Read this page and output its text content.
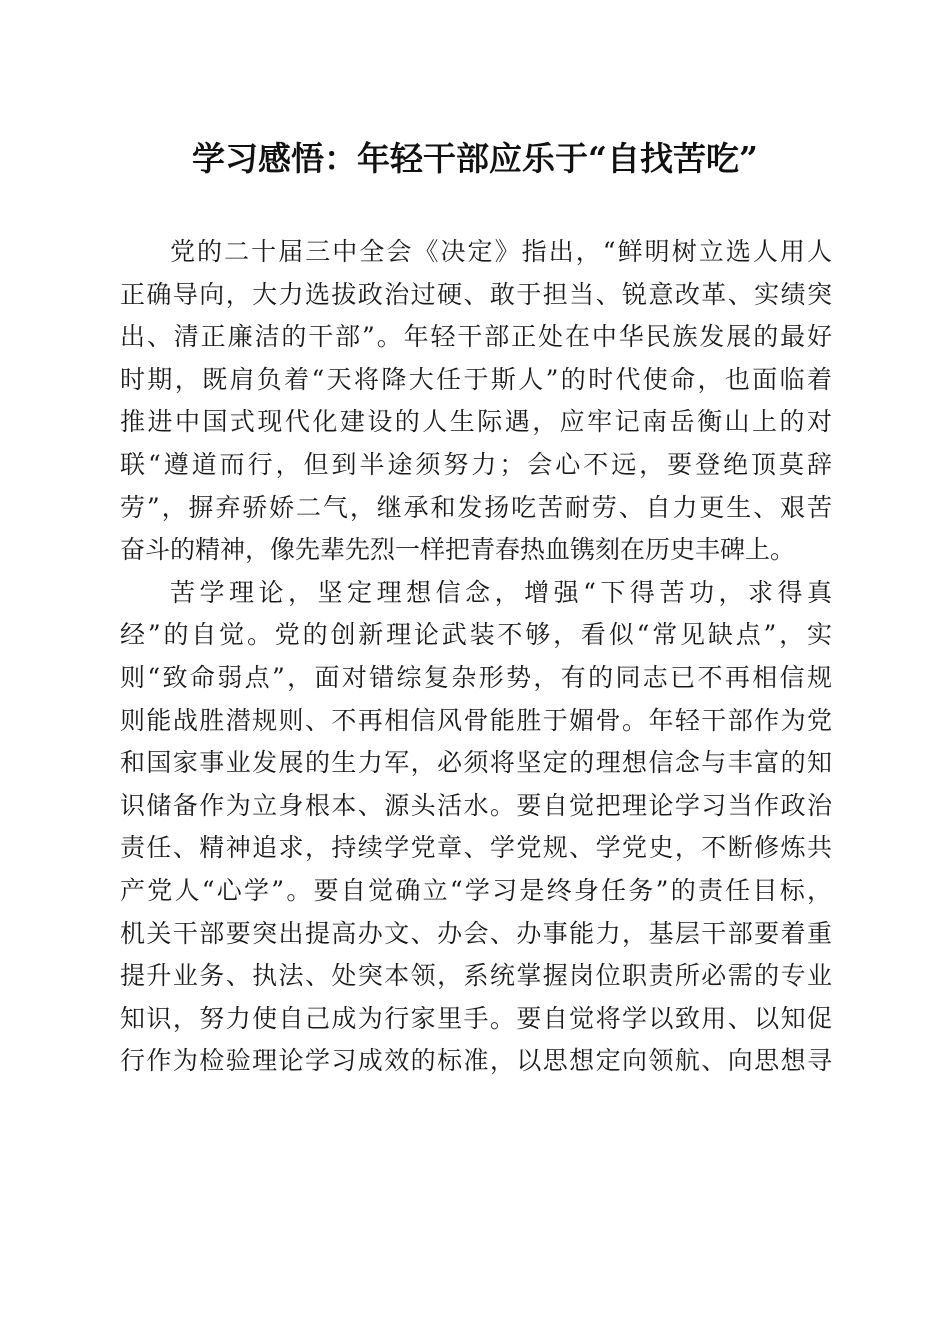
学习感悟：年轻干部应乐于“自找苦吃”
党的二十届三中全会《决定》指出，“鲜明树立选人用人
正确导向，大力选拔政治过硬、敢于担当、锐意改革、实绩突
出、清正廉洁的干部”。年轻干部正处在中华民族发展的最好
时期，既肩负着“天将降大任于斯人”的时代使命，也面临着
推进中国式现代化建设的人生际遇，应牢记南岳衡山上的对
联“遵道而行，但到半途须努力；会心不远，要登绝顶莫辞
劳”，摒弃骄娇二气，继承和发扬吃苦耐劳、自力更生、艰苦
奋斗的精神，像先辈先烈一样把青春热血镌刻在历史丰碑上。
苦学理论，坚定理想信念，增强“下得苦功，求得真
经”的自觉。党的创新理论武装不够，看似“常见缺点”，实
则“致命弱点”，面对错综复杂形势，有的同志已不再相信规
则能战胜潜规则、不再相信风骨能胜于媚骨。年轻干部作为党
和国家事业发展的生力军，必须将坚定的理想信念与丰富的知
识储备作为立身根本、源头活水。要自觉把理论学习当作政治
责任、精神追求，持续学党章、学党规、学党史，不断修炼共
产党人“心学”。要自觉确立“学习是终身任务”的责任目标，
机关干部要突出提高办文、办会、办事能力，基层干部要着重
提升业务、执法、处突本领，系统掌握岗位职责所必需的专业
知识，努力使自己成为行家里手。要自觉将学以致用、以知促
行作为检验理论学习成效的标准，以思想定向领航、向思想寻
